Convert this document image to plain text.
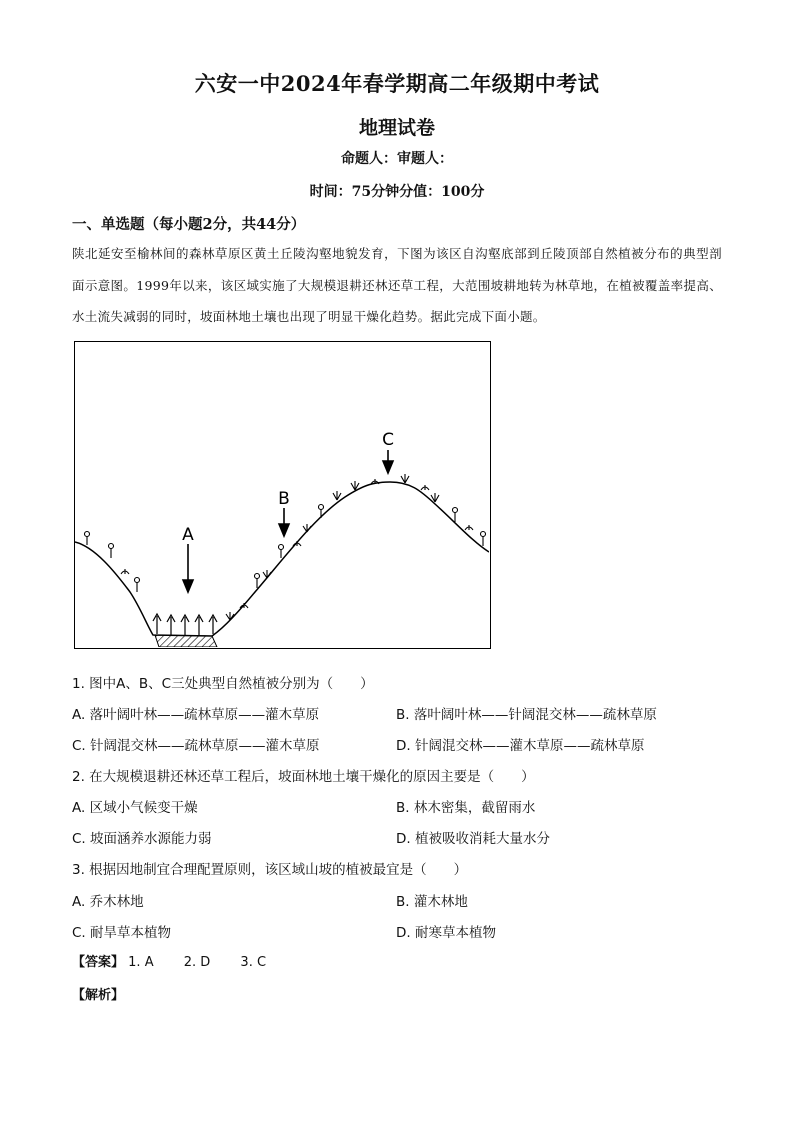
六安一中2024年春学期高二年级期中考试
地理试卷
命题人：审题人：
时间：75分钟分值：100分
一、单选题（每小题2分，共44分）
陕北延安至榆林间的森林草原区黄土丘陵沟壑地貌发育，下图为该区自沟壑底部到丘陵顶部自然植被分布的典型剖面示意图。1999年以来，该区域实施了大规模退耕还林还草工程，大范围坡耕地转为林草地，在植被覆盖率提高、水土流失减弱的同时，坡面林地土壤也出现了明显干燥化趋势。据此完成下面小题。
A
B
C
1. 图中A、B、C三处典型自然植被分别为（　　）
A. 落叶阔叶林——疏林草原——灌木草原	B. 落叶阔叶林——针阔混交林——疏林草原
C. 针阔混交林——疏林草原——灌木草原	D. 针阔混交林——灌木草原——疏林草原
2. 在大规模退耕还林还草工程后，坡面林地土壤干燥化的原因主要是（　　）
A. 区域小气候变干燥	B. 林木密集，截留雨水
C. 坡面涵养水源能力弱	D. 植被吸收消耗大量水分
3. 根据因地制宜合理配置原则，该区域山坡的植被最宜是（　　）
A. 乔木林地	B. 灌木林地
C. 耐旱草本植物	D. 耐寒草本植物
【答案】 1. A 2. D 3. C
【解析】
